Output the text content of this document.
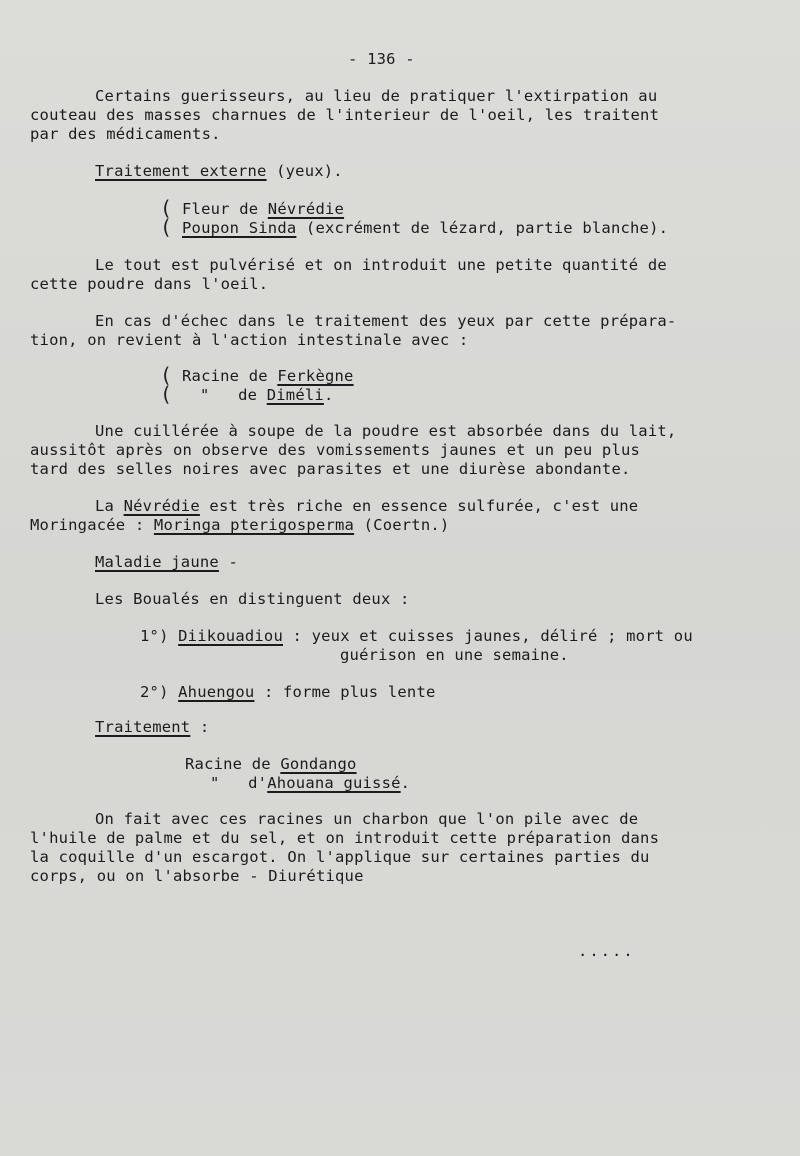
- 136 -
Certains guerisseurs, au lieu de pratiquer l'extirpation au
couteau des masses charnues de l'interieur de l'oeil, les traitent
par des médicaments.
Traitement externe (yeux).
(
(
Fleur de Névrédie
Poupon Sinda (excrément de lézard, partie blanche).
Le tout est pulvérisé et on introduit une petite quantité de
cette poudre dans l'oeil.
En cas d'échec dans le traitement des yeux par cette prépara-
tion, on revient à l'action intestinale avec :
(
(
Racine de Ferkègne
"   de Diméli.
Une cuillérée à soupe de la poudre est absorbée dans du lait,
aussitôt après on observe des vomissements jaunes et un peu plus
tard des selles noires avec parasites et une diurèse abondante.
La Névrédie est très riche en essence sulfurée, c'est une
Moringacée : Moringa pterigosperma (Coertn.)
Maladie jaune -
Les Boualés en distinguent deux :
1°) Diikouadiou : yeux et cuisses jaunes, déliré ; mort ou
guérison en une semaine.
2°) Ahuengou : forme plus lente
Traitement :
Racine de Gondango
"   d'Ahouana guissé.
On fait avec ces racines un charbon que l'on pile avec de
l'huile de palme et du sel, et on introduit cette préparation dans
la coquille d'un escargot. On l'applique sur certaines parties du
corps, ou on l'absorbe - Diurétique
.....
